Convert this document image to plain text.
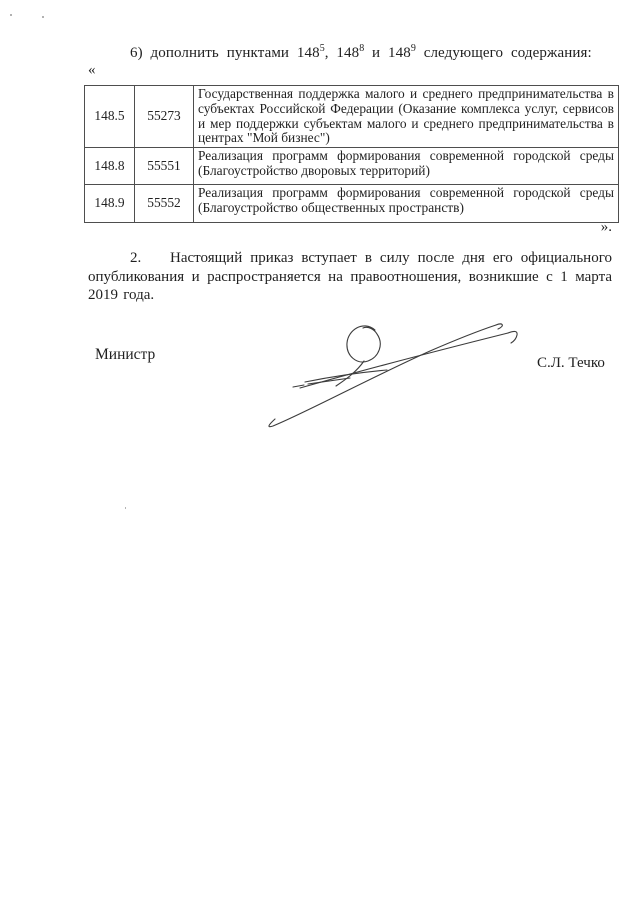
6) дополнить пунктами $148^5$, $148^8$ и $148^9$ следующего содержания:
«
148.5	55273	Государственная поддержка малого и среднего предпринимательства в субъектах Российской Федерации (Оказание комплекса услуг, сервисов и мер поддержки субъектам малого и среднего предпринимательства в центрах "Мой бизнес")
148.8	55551	Реализация программ формирования современной городской среды (Благоустройство дворовых территорий)
148.9	55552	Реализация программ формирования современной городской среды (Благоустройство общественных пространств)
».

2. Настоящий приказ вступает в силу после дня его официального опубликования и распространяется на правоотношения, возникшие с 1 марта 2019 года.

Министр	С.Л. Течко
